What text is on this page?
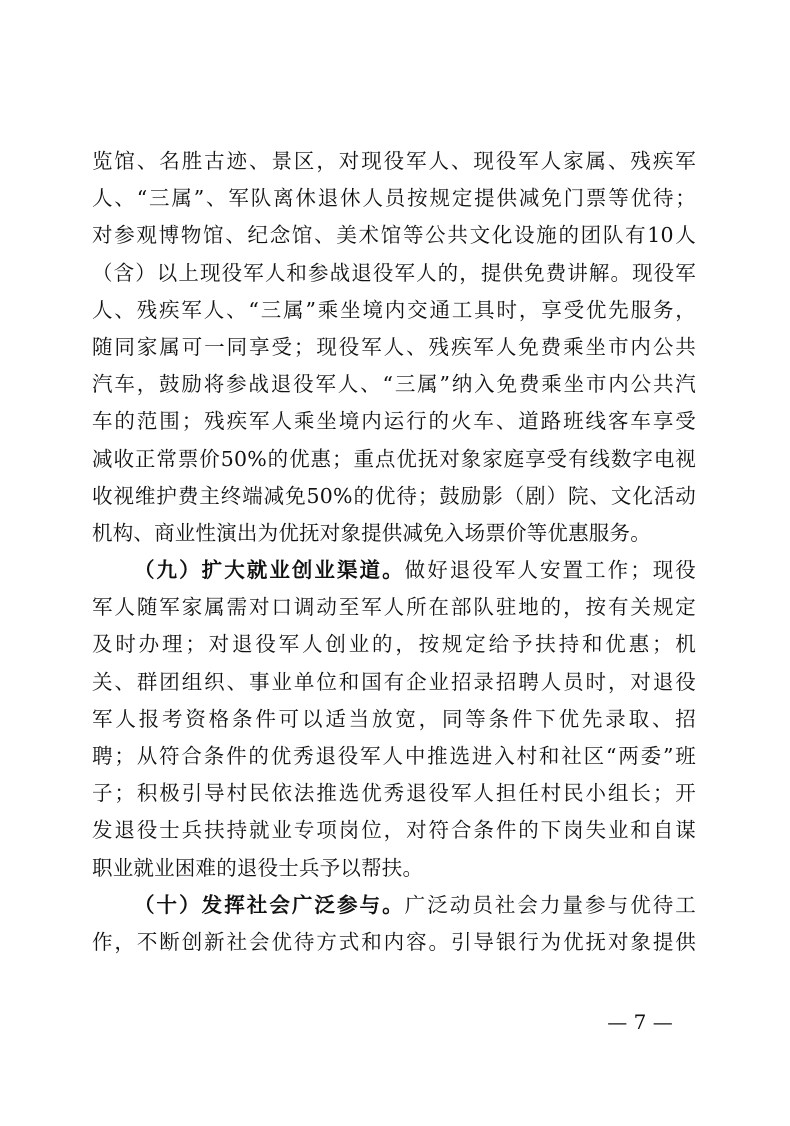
览馆、名胜古迹、景区，对现役军人、现役军人家属、残疾军
人、“三属”、军队离休退休人员按规定提供减免门票等优待；
对参观博物馆、纪念馆、美术馆等公共文化设施的团队有10人
（含）以上现役军人和参战退役军人的，提供免费讲解。现役军
人、残疾军人、“三属”乘坐境内交通工具时，享受优先服务，
随同家属可一同享受；现役军人、残疾军人免费乘坐市内公共
汽车，鼓励将参战退役军人、“三属”纳入免费乘坐市内公共汽
车的范围；残疾军人乘坐境内运行的火车、道路班线客车享受
减收正常票价50%的优惠；重点优抚对象家庭享受有线数字电视
收视维护费主终端减免50%的优待；鼓励影（剧）院、文化活动
机构、商业性演出为优抚对象提供减免入场票价等优惠服务。
（九）扩大就业创业渠道。做好退役军人安置工作；现役
军人随军家属需对口调动至军人所在部队驻地的，按有关规定
及时办理；对退役军人创业的，按规定给予扶持和优惠；机
关、群团组织、事业单位和国有企业招录招聘人员时，对退役
军人报考资格条件可以适当放宽，同等条件下优先录取、招
聘；从符合条件的优秀退役军人中推选进入村和社区“两委”班
子；积极引导村民依法推选优秀退役军人担任村民小组长；开
发退役士兵扶持就业专项岗位，对符合条件的下岗失业和自谋
职业就业困难的退役士兵予以帮扶。
（十）发挥社会广泛参与。广泛动员社会力量参与优待工
作，不断创新社会优待方式和内容。引导银行为优抚对象提供
— 7 —
